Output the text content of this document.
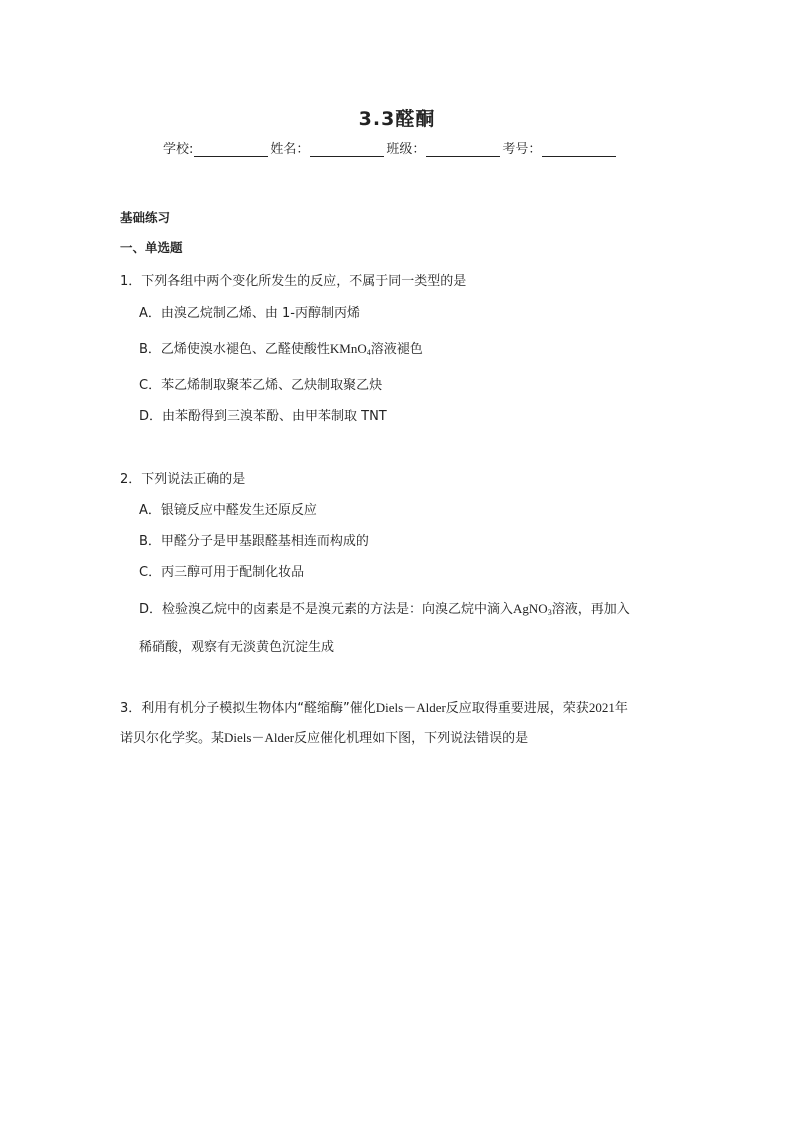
3.3醛酮
学校:	姓名：	班级：	考号：
基础练习
一、单选题
1．下列各组中两个变化所发生的反应，不属于同一类型的是
A．由溴乙烷制乙烯、由 1-丙醇制丙烯
B．乙烯使溴水褪色、乙醛使酸性KMnO$_4$溶液褪色
C．苯乙烯制取聚苯乙烯、乙炔制取聚乙炔
D．由苯酚得到三溴苯酚、由甲苯制取 TNT
2．下列说法正确的是
A．银镜反应中醛发生还原反应
B．甲醛分子是甲基跟醛基相连而构成的
C．丙三醇可用于配制化妆品
D．检验溴乙烷中的卤素是不是溴元素的方法是：向溴乙烷中滴入AgNO$_3$溶液，再加入
稀硝酸，观察有无淡黄色沉淀生成
3．利用有机分子模拟生物体内“醛缩酶”催化Diels－Alder反应取得重要进展，荣获2021年
诺贝尔化学奖。某Diels－Alder反应催化机理如下图，下列说法错误的是
